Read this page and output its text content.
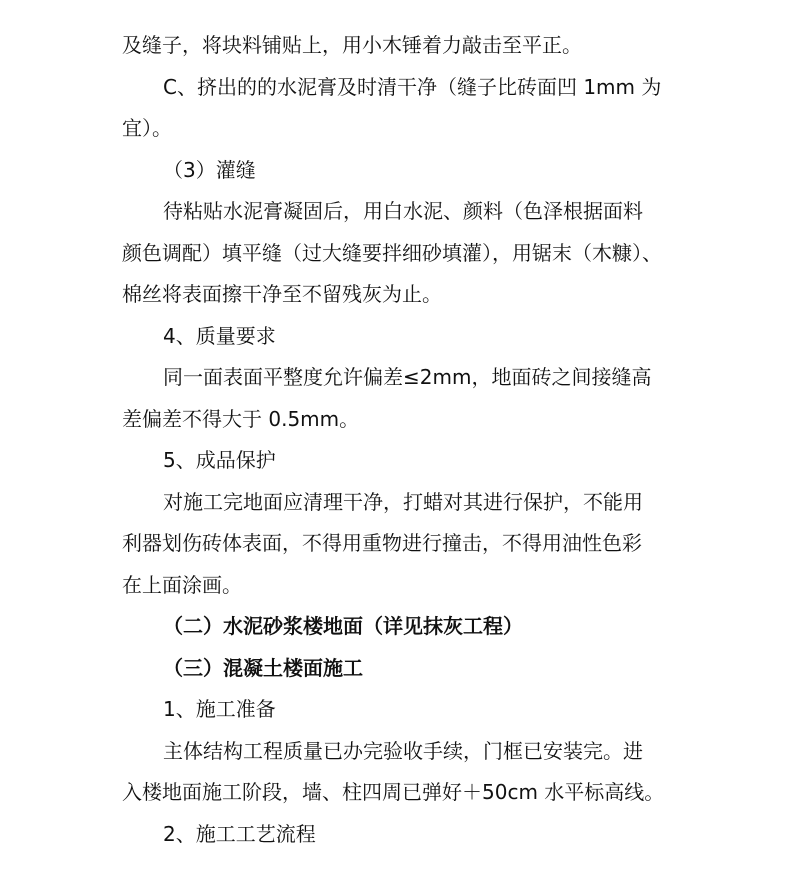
及缝子，将块料铺贴上，用小木锤着力敲击至平正。
C、挤出的的水泥膏及时清干净（缝子比砖面凹 1mm 为
宜）。
（3）灌缝
待粘贴水泥膏凝固后，用白水泥、颜料（色泽根据面料
颜色调配）填平缝（过大缝要拌细砂填灌），用锯末（木糠）、
棉丝将表面擦干净至不留残灰为止。
4、质量要求
同一面表面平整度允许偏差≤2mm，地面砖之间接缝高
差偏差不得大于 0.5mm。
5、成品保护
对施工完地面应清理干净，打蜡对其进行保护，不能用
利器划伤砖体表面，不得用重物进行撞击，不得用油性色彩
在上面涂画。
（二）水泥砂浆楼地面（详见抹灰工程）
（三）混凝土楼面施工
1、施工准备
主体结构工程质量已办完验收手续，门框已安装完。进
入楼地面施工阶段，墙、柱四周已弹好＋50cm 水平标高线。
2、施工工艺流程
